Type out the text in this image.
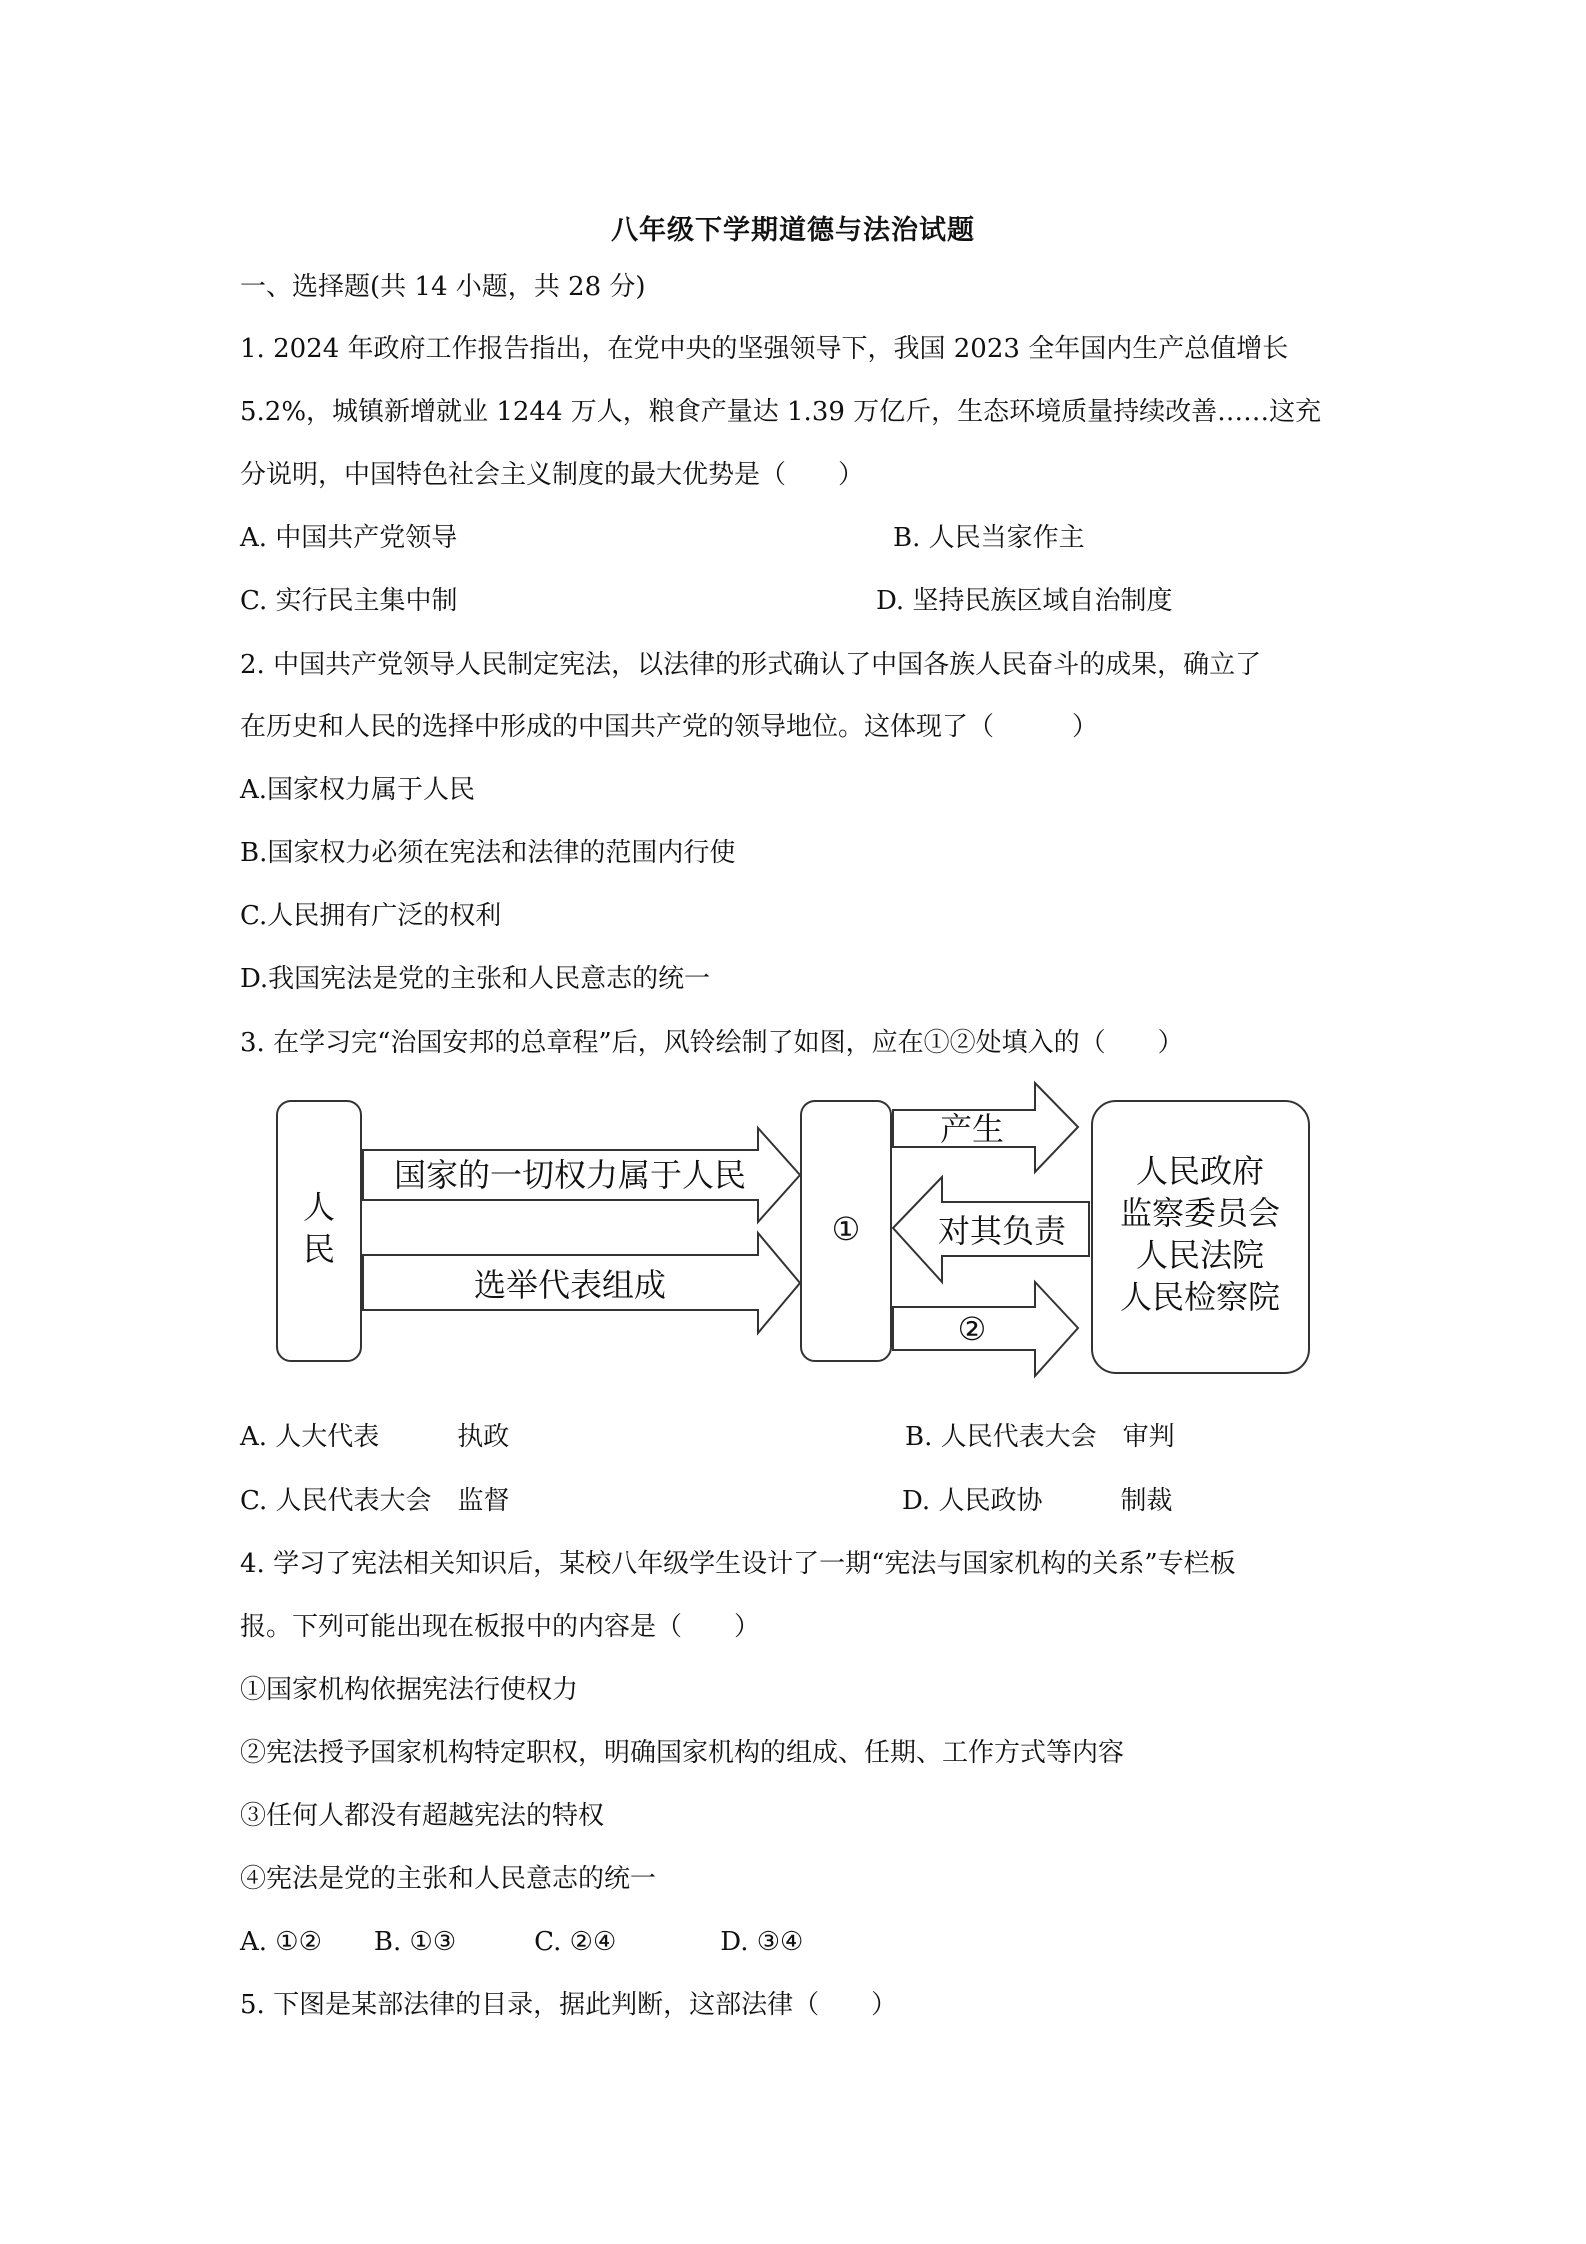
八年级下学期道德与法治试题
一、选择题(共 14 小题，共 28 分)
1. 2024 年政府工作报告指出，在党中央的坚强领导下，我国 2023 全年国内生产总值增长
5.2%，城镇新增就业 1244 万人，粮食产量达 1.39 万亿斤，生态环境质量持续改善……这充
分说明，中国特色社会主义制度的最大优势是（　　）
A. 中国共产党领导	B. 人民当家作主
C. 实行民主集中制	D. 坚持民族区域自治制度
2. 中国共产党领导人民制定宪法，以法律的形式确认了中国各族人民奋斗的成果，确立了
在历史和人民的选择中形成的中国共产党的领导地位。这体现了（　　　）
A.国家权力属于人民
B.国家权力必须在宪法和法律的范围内行使
C.人民拥有广泛的权利
D.我国宪法是党的主张和人民意志的统一
3. 在学习完“治国安邦的总章程”后，风铃绘制了如图，应在①②处填入的（　　）
人
民
国家的一切权力属于人民
选举代表组成
①
产生
对其负责
②
人民政府
监察委员会
人民法院
人民检察院
A. 人大代表　　　执政	B. 人民代表大会　审判
C. 人民代表大会　监督	D. 人民政协　　　制裁
4. 学习了宪法相关知识后，某校八年级学生设计了一期“宪法与国家机构的关系”专栏板
报。下列可能出现在板报中的内容是（　　）
①国家机构依据宪法行使权力
②宪法授予国家机构特定职权，明确国家机构的组成、任期、工作方式等内容
③任何人都没有超越宪法的特权
④宪法是党的主张和人民意志的统一
A. ①②　　B. ①③　　　C. ②④　　　　D. ③④
5. 下图是某部法律的目录，据此判断，这部法律（　　）
